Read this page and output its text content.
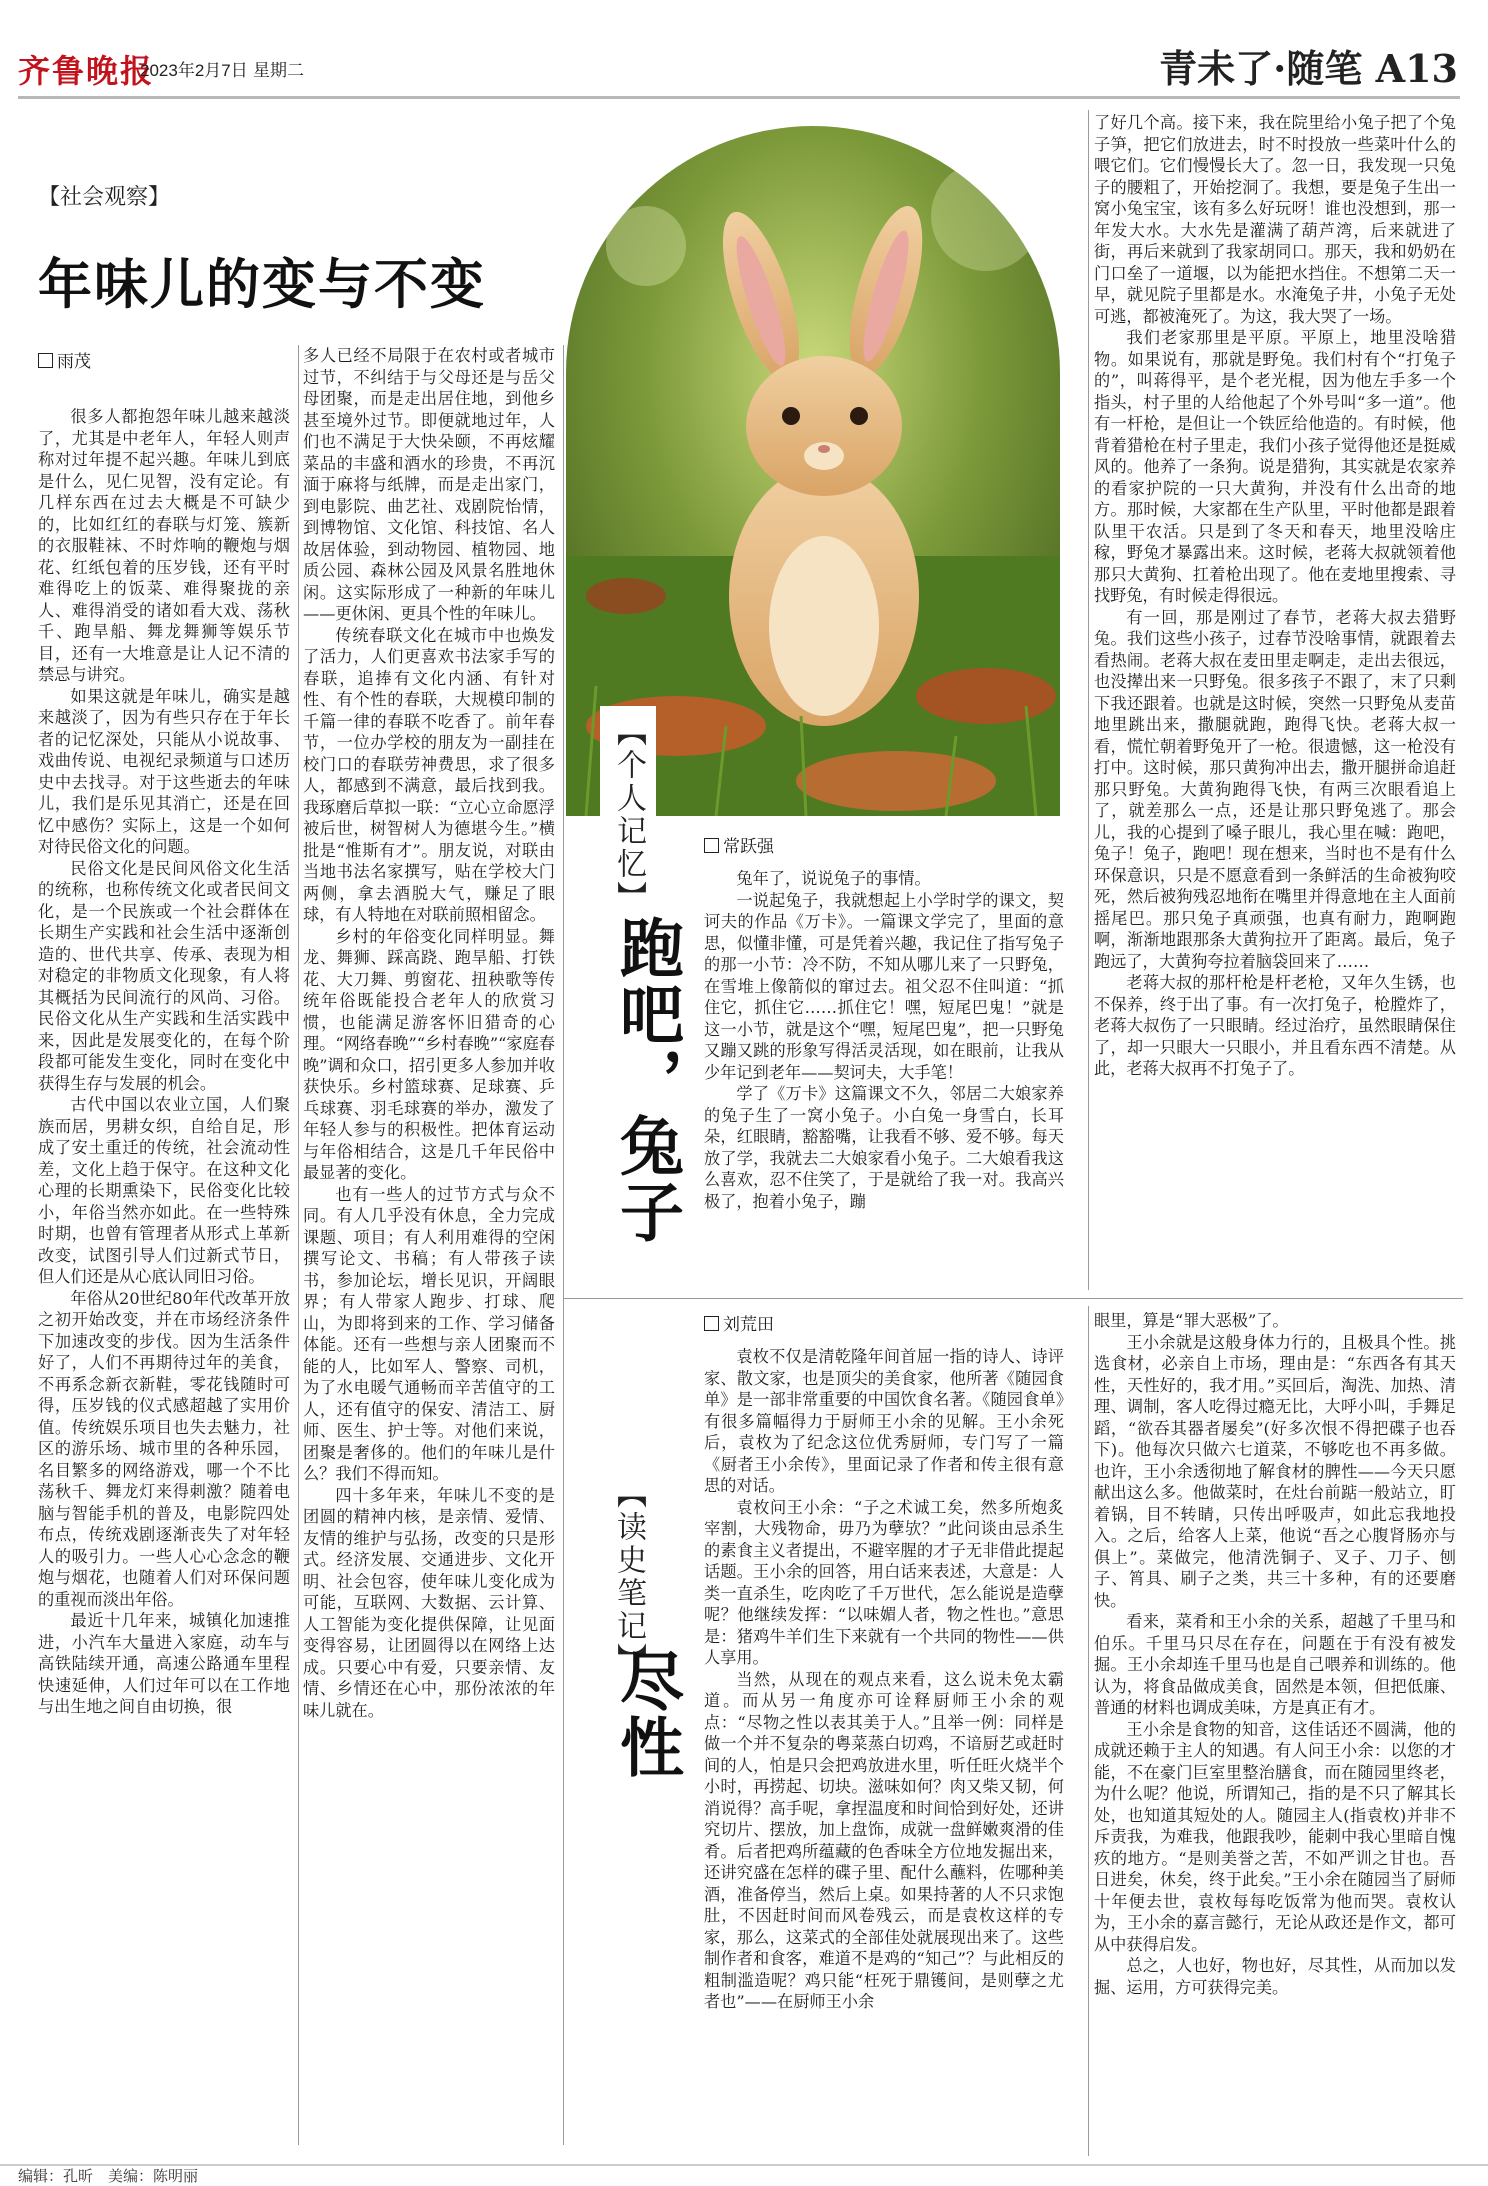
齐鲁晚报
2023年2月7日 星期二	青未了·随笔 A13
【社会观察】
年味儿的变与不变
雨茂

很多人都抱怨年味儿越来越淡了，尤其是中老年人，年轻人则声称对过年提不起兴趣。年味儿到底是什么，见仁见智，没有定论。有几样东西在过去大概是不可缺少的，比如红红的春联与灯笼、簇新的衣服鞋袜、不时炸响的鞭炮与烟花、红纸包着的压岁钱，还有平时难得吃上的饭菜、难得聚拢的亲人、难得消受的诸如看大戏、荡秋千、跑旱船、舞龙舞狮等娱乐节目，还有一大堆意是让人记不清的禁忌与讲究。

如果这就是年味儿，确实是越来越淡了，因为有些只存在于年长者的记忆深处，只能从小说故事、戏曲传说、电视纪录频道与口述历史中去找寻。对于这些逝去的年味儿，我们是乐见其消亡，还是在回忆中感伤？实际上，这是一个如何对待民俗文化的问题。

民俗文化是民间风俗文化生活的统称，也称传统文化或者民间文化，是一个民族或一个社会群体在长期生产实践和社会生活中逐渐创造的、世代共享、传承、表现为相对稳定的非物质文化现象，有人将其概括为民间流行的风尚、习俗。民俗文化从生产实践和生活实践中来，因此是发展变化的，在每个阶段都可能发生变化，同时在变化中获得生存与发展的机会。

古代中国以农业立国，人们聚族而居，男耕女织，自给自足，形成了安土重迁的传统，社会流动性差，文化上趋于保守。在这种文化心理的长期熏染下，民俗变化比较小，年俗当然亦如此。在一些特殊时期，也曾有管理者从形式上革新改变，试图引导人们过新式节日，但人们还是从心底认同旧习俗。

年俗从20世纪80年代改革开放之初开始改变，并在市场经济条件下加速改变的步伐。因为生活条件好了，人们不再期待过年的美食，不再系念新衣新鞋，零花钱随时可得，压岁钱的仪式感超越了实用价值。传统娱乐项目也失去魅力，社区的游乐场、城市里的各种乐园，名目繁多的网络游戏，哪一个不比荡秋千、舞龙灯来得刺激？随着电脑与智能手机的普及，电影院四处布点，传统戏剧逐渐丧失了对年轻人的吸引力。一些人心心念念的鞭炮与烟花，也随着人们对环保问题的重视而淡出年俗。

最近十几年来，城镇化加速推进，小汽车大量进入家庭，动车与高铁陆续开通，高速公路通车里程快速延伸，人们过年可以在工作地与出生地之间自由切换，很

多人已经不局限于在农村或者城市过节，不纠结于与父母还是与岳父母团聚，而是走出居住地，到他乡甚至境外过节。即便就地过年，人们也不满足于大快朵颐，不再炫耀菜品的丰盛和酒水的珍贵，不再沉湎于麻将与纸牌，而是走出家门，到电影院、曲艺社、戏剧院怡情，到博物馆、文化馆、科技馆、名人故居体验，到动物园、植物园、地质公园、森林公园及风景名胜地休闲。这实际形成了一种新的年味儿——更休闲、更具个性的年味儿。

传统春联文化在城市中也焕发了活力，人们更喜欢书法家手写的春联，追捧有文化内涵、有针对性、有个性的春联，大规模印制的千篇一律的春联不吃香了。前年春节，一位办学校的朋友为一副挂在校门口的春联劳神费思，求了很多人，都感到不满意，最后找到我。我琢磨后草拟一联：“立心立命愿浮被后世，树智树人为德堪今生。”横批是“惟斯有才”。朋友说，对联由当地书法名家撰写，贴在学校大门两侧，拿去酒脱大气，赚足了眼球，有人特地在对联前照相留念。

乡村的年俗变化同样明显。舞龙、舞狮、踩高跷、跑旱船、打铁花、大刀舞、剪窗花、扭秧歌等传统年俗既能投合老年人的欣赏习惯，也能满足游客怀旧猎奇的心理。“网络春晚”“乡村春晚”“家庭春晚”调和众口，招引更多人参加并收获快乐。乡村篮球赛、足球赛、乒乓球赛、羽毛球赛的举办，激发了年轻人参与的积极性。把体育运动与年俗相结合，这是几千年民俗中最显著的变化。

也有一些人的过节方式与众不同。有人几乎没有休息，全力完成课题、项目；有人利用难得的空闲撰写论文、书稿；有人带孩子读书，参加论坛，增长见识，开阔眼界；有人带家人跑步、打球、爬山，为即将到来的工作、学习储备体能。还有一些想与亲人团聚而不能的人，比如军人、警察、司机，为了水电暖气通畅而辛苦值守的工人，还有值守的保安、清洁工、厨师、医生、护士等。对他们来说，团聚是奢侈的。他们的年味儿是什么？我们不得而知。

四十多年来，年味儿不变的是团圆的精神内核，是亲情、爱情、友情的维护与弘扬，改变的只是形式。经济发展、交通进步、文化开明、社会包容，使年味儿变化成为可能，互联网、大数据、云计算、人工智能为变化提供保障，让见面变得容易，让团圆得以在网络上达成。只要心中有爱，只要亲情、友情、乡情还在心中，那份浓浓的年味儿就在。

【个人记忆】
跑吧，兔子
常跃强

兔年了，说说兔子的事情。

一说起兔子，我就想起上小学时学的课文，契诃夫的作品《万卡》。一篇课文学完了，里面的意思，似懂非懂，可是凭着兴趣，我记住了指写兔子的那一小节：冷不防，不知从哪儿来了一只野兔，在雪堆上像箭似的窜过去。祖父忍不住叫道：“抓住它，抓住它……抓住它！嘿，短尾巴鬼！”就是这一小节，就是这个“嘿，短尾巴鬼”，把一只野兔又蹦又跳的形象写得活灵活现，如在眼前，让我从少年记到老年——契诃夫，大手笔！

学了《万卡》这篇课文不久，邻居二大娘家养的兔子生了一窝小兔子。小白兔一身雪白，长耳朵，红眼睛，豁豁嘴，让我看不够、爱不够。每天放了学，我就去二大娘家看小兔子。二大娘看我这么喜欢，忍不住笑了，于是就给了我一对。我高兴极了，抱着小兔子，蹦

了好几个高。接下来，我在院里给小兔子把了个兔子笋，把它们放进去，时不时投放一些菜叶什么的喂它们。它们慢慢长大了。忽一日，我发现一只兔子的腰粗了，开始挖洞了。我想，要是兔子生出一窝小兔宝宝，该有多么好玩呀！谁也没想到，那一年发大水。大水先是灌满了葫芦湾，后来就进了街，再后来就到了我家胡同口。那天，我和奶奶在门口垒了一道堰，以为能把水挡住。不想第二天一早，就见院子里都是水。水淹兔子井，小兔子无处可逃，都被淹死了。为这，我大哭了一场。

我们老家那里是平原。平原上，地里没啥猎物。如果说有，那就是野兔。我们村有个“打兔子的”，叫蒋得平，是个老光棍，因为他左手多一个指头，村子里的人给他起了个外号叫“多一道”。他有一杆枪，是但让一个铁匠给他造的。有时候，他背着猎枪在村子里走，我们小孩子觉得他还是挺威风的。他养了一条狗。说是猎狗，其实就是农家养的看家护院的一只大黄狗，并没有什么出奇的地方。那时候，大家都在生产队里，平时他都是跟着队里干农活。只是到了冬天和春天，地里没啥庄稼，野兔才暴露出来。这时候，老蒋大叔就领着他那只大黄狗、扛着枪出现了。他在麦地里搜索、寻找野兔，有时候走得很远。

有一回，那是刚过了春节，老蒋大叔去猎野兔。我们这些小孩子，过春节没啥事情，就跟着去看热闹。老蒋大叔在麦田里走啊走，走出去很远，也没撵出来一只野兔。很多孩子不跟了，末了只剩下我还跟着。也就是这时候，突然一只野兔从麦苗地里跳出来，撒腿就跑，跑得飞快。老蒋大叔一看，慌忙朝着野兔开了一枪。很遗憾，这一枪没有打中。这时候，那只黄狗冲出去，撒开腿拼命追赶那只野兔。大黄狗跑得飞快，有两三次眼看追上了，就差那么一点，还是让那只野兔逃了。那会儿，我的心提到了嗓子眼儿，我心里在喊：跑吧，兔子！兔子，跑吧！现在想来，当时也不是有什么环保意识，只是不愿意看到一条鲜活的生命被狗咬死，然后被狗残忍地衔在嘴里并得意地在主人面前摇尾巴。那只兔子真顽强，也真有耐力，跑啊跑啊，渐渐地跟那条大黄狗拉开了距离。最后，兔子跑远了，大黄狗夸拉着脑袋回来了……

老蒋大叔的那杆枪是杆老枪，又年久生锈，也不保养，终于出了事。有一次打兔子，枪膛炸了，老蒋大叔伤了一只眼睛。经过治疗，虽然眼睛保住了，却一只眼大一只眼小，并且看东西不清楚。从此，老蒋大叔再不打兔子了。

【读史笔记】
尽性
刘荒田

袁枚不仅是清乾隆年间首屈一指的诗人、诗评家、散文家，也是顶尖的美食家，他所著《随园食单》是一部非常重要的中国饮食名著。《随园食单》有很多篇幅得力于厨师王小余的见解。王小余死后，袁枚为了纪念这位优秀厨师，专门写了一篇《厨者王小余传》，里面记录了作者和传主很有意思的对话。

袁枚问王小余：“子之术诚工矣，然多所炮炙宰割，大残物命，毋乃为孽欤？”此问谈由忌杀生的素食主义者提出，不避宰腥的才子无非借此提起话题。王小余的回答，用白话来表述，大意是：人类一直杀生，吃肉吃了千万世代，怎么能说是造孽呢？他继续发挥：“以味媚人者，物之性也。”意思是：猪鸡牛羊们生下来就有一个共同的物性——供人享用。

当然，从现在的观点来看，这么说未免太霸道。而从另一角度亦可诠释厨师王小余的观点：“尽物之性以表其美于人。”且举一例：同样是做一个并不复杂的粤菜蒸白切鸡，不谙厨艺或赶时间的人，怕是只会把鸡放进水里，听任旺火烧半个小时，再捞起、切块。滋味如何？肉又柴又韧，何消说得？高手呢，拿捏温度和时间恰到好处，还讲究切片、摆放，加上盘饰，成就一盘鲜嫩爽滑的佳肴。后者把鸡所蕴藏的色香味全方位地发掘出来，还讲究盛在怎样的碟子里、配什么蘸料，佐哪种美酒，准备停当，然后上桌。如果持著的人不只求饱肚，不因赶时间而风卷残云，而是袁枚这样的专家，那么，这菜式的全部佳处就展现出来了。这些制作者和食客，难道不是鸡的“知己”？与此相反的粗制滥造呢？鸡只能“枉死于鼎镬间，是则孽之尤者也”——在厨师王小余

眼里，算是“罪大恶极”了。

王小余就是这般身体力行的，且极具个性。挑选食材，必亲自上市场，理由是：“东西各有其天性，天性好的，我才用。”买回后，淘洗、加热、清理、调制，客人吃得过瘾无比，大呼小叫，手舞足蹈，“欲吞其器者屡矣”(好多次恨不得把碟子也吞下)。他每次只做六七道菜，不够吃也不再多做。也许，王小余透彻地了解食材的脾性——今天只愿献出这么多。他做菜时，在灶台前踮一般站立，盯着锅，目不转睛，只传出呼吸声，如此忘我地投入。之后，给客人上菜，他说“吾之心腹肾肠亦与俱上”。菜做完，他清洗铜子、叉子、刀子、刨子、筲具、刷子之类，共三十多种，有的还要磨快。

看来，菜肴和王小余的关系，超越了千里马和伯乐。千里马只尽在存在，问题在于有没有被发掘。王小余却连千里马也是自己喂养和训练的。他认为，将食品做成美食，固然是本领，但把低廉、普通的材料也调成美味，方是真正有才。

王小余是食物的知音，这佳话还不圆满，他的成就还赖于主人的知遇。有人问王小余：以您的才能，不在豪门巨室里整治膳食，而在随园里终老，为什么呢？他说，所谓知己，指的是不只了解其长处，也知道其短处的人。随园主人(指袁枚)并非不斥责我，为难我，他跟我吵，能刺中我心里暗自愧疚的地方。“是则美誉之苦，不如严训之甘也。吾日进矣，休矣，终于此矣。”王小余在随园当了厨师十年便去世，袁枚每每吃饭常为他而哭。袁枚认为，王小余的嘉言懿行，无论从政还是作文，都可从中获得启发。

总之，人也好，物也好，尽其性，从而加以发掘、运用，方可获得完美。

编辑：孔昕　美编：陈明丽
